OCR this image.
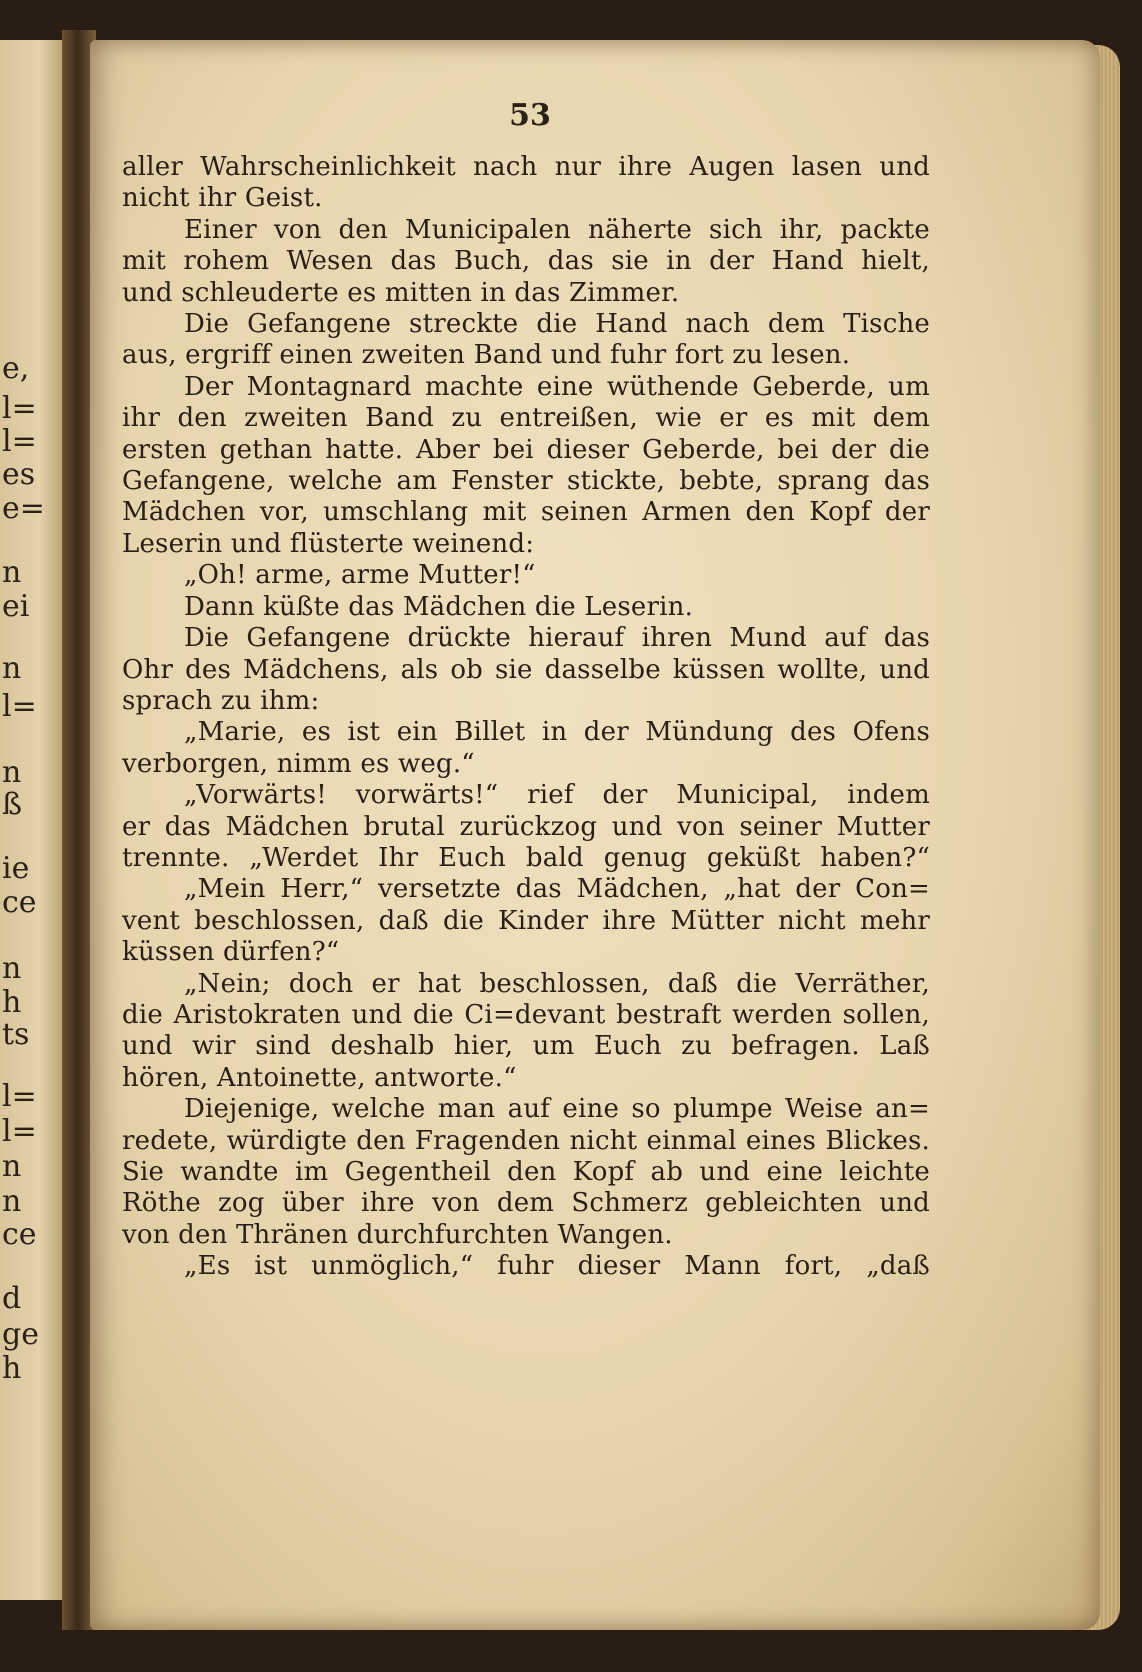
e,
l=
l=
es
e=
n
ei
n
l=
n
ß
ie
ce
n
h
ts
l=
l=
n
n
ce
d
ge
h
53
aller Wahrscheinlichkeit nach nur ihre Augen lasen und
nicht ihr Geist.
Einer von den Municipalen näherte sich ihr, packte
mit rohem Wesen das Buch, das sie in der Hand hielt,
und schleuderte es mitten in das Zimmer.
Die Gefangene streckte die Hand nach dem Tische
aus, ergriff einen zweiten Band und fuhr fort zu lesen.
Der Montagnard machte eine wüthende Geberde, um
ihr den zweiten Band zu entreißen, wie er es mit dem
ersten gethan hatte. Aber bei dieser Geberde, bei der die
Gefangene, welche am Fenster stickte, bebte, sprang das
Mädchen vor, umschlang mit seinen Armen den Kopf der
Leserin und flüsterte weinend:
„Oh! arme, arme Mutter!“
Dann küßte das Mädchen die Leserin.
Die Gefangene drückte hierauf ihren Mund auf das
Ohr des Mädchens, als ob sie dasselbe küssen wollte, und
sprach zu ihm:
„Marie, es ist ein Billet in der Mündung des Ofens
verborgen, nimm es weg.“
„Vorwärts! vorwärts!“ rief der Municipal, indem
er das Mädchen brutal zurückzog und von seiner Mutter
trennte. „Werdet Ihr Euch bald genug geküßt haben?“
„Mein Herr,“ versetzte das Mädchen, „hat der Con=
vent beschlossen, daß die Kinder ihre Mütter nicht mehr
küssen dürfen?“
„Nein; doch er hat beschlossen, daß die Verräther,
die Aristokraten und die Ci=devant bestraft werden sollen,
und wir sind deshalb hier, um Euch zu befragen. Laß
hören, Antoinette, antworte.“
Diejenige, welche man auf eine so plumpe Weise an=
redete, würdigte den Fragenden nicht einmal eines Blickes.
Sie wandte im Gegentheil den Kopf ab und eine leichte
Röthe zog über ihre von dem Schmerz gebleichten und
von den Thränen durchfurchten Wangen.
„Es ist unmöglich,“ fuhr dieser Mann fort, „daß
